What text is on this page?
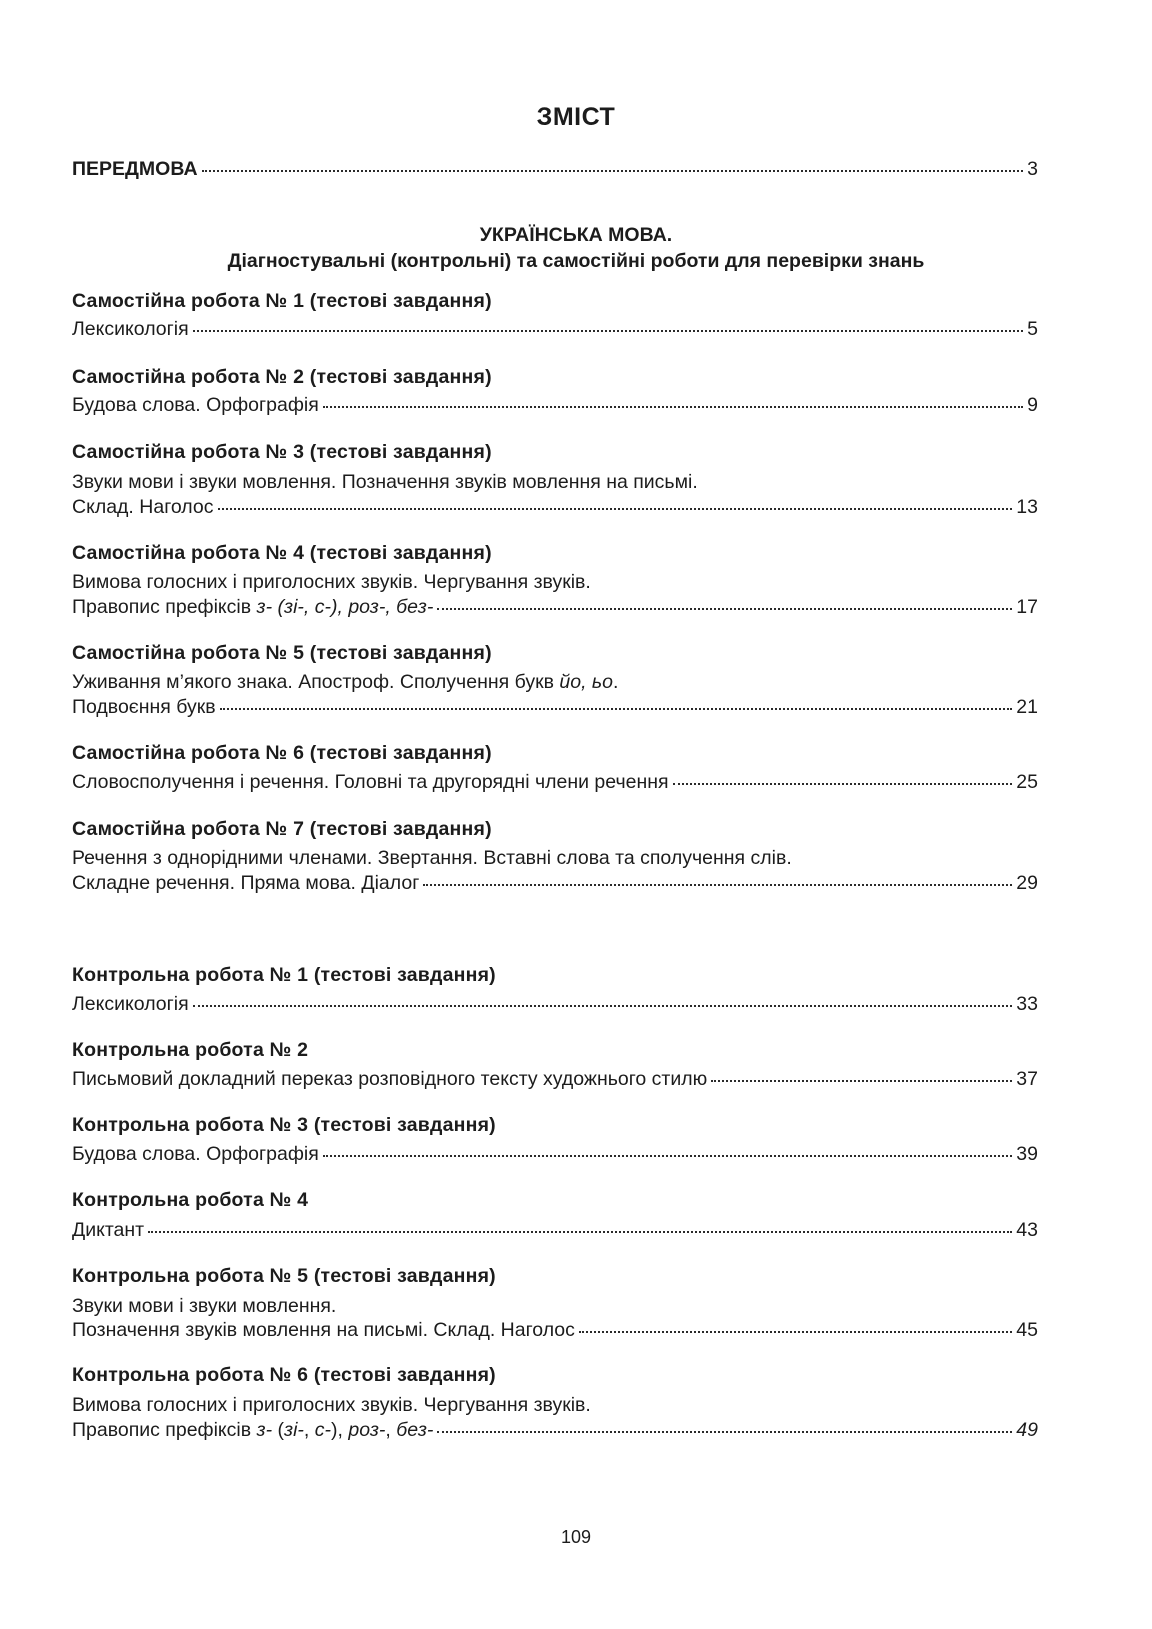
ЗМІСТ
ПЕРЕДМОВА	3
УКРАЇНСЬКА МОВА.
Діагностувальні (контрольні) та самостійні роботи для перевірки знань
Самостійна робота № 1 (тестові завдання)
Лексикологія	5
Самостійна робота № 2 (тестові завдання)
Будова слова. Орфографія	9
Самостійна робота № 3 (тестові завдання)
Звуки мови і звуки мовлення. Позначення звуків мовлення на письмі.
Склад. Наголос	13
Самостійна робота № 4 (тестові завдання)
Вимова голосних і приголосних звуків. Чергування звуків.
Правопис префіксів з- (зі-, с-), роз-, без-	17
Самостійна робота № 5 (тестові завдання)
Уживання м’якого знака. Апостроф. Сполучення букв йо, ьо.
Подвоєння букв	21
Самостійна робота № 6 (тестові завдання)
Словосполучення і речення. Головні та другорядні члени речення	25
Самостійна робота № 7 (тестові завдання)
Речення з однорідними членами. Звертання. Вставні слова та сполучення слів.
Складне речення. Пряма мова. Діалог	29
Контрольна робота № 1 (тестові завдання)
Лексикологія	33
Контрольна робота № 2
Письмовий докладний переказ розповідного тексту художнього стилю	37
Контрольна робота № 3 (тестові завдання)
Будова слова. Орфографія	39
Контрольна робота № 4
Диктант	43
Контрольна робота № 5 (тестові завдання)
Звуки мови і звуки мовлення.
Позначення звуків мовлення на письмі. Склад. Наголос	45
Контрольна робота № 6 (тестові завдання)
Вимова голосних і приголосних звуків. Чергування звуків.
Правопис префіксів з- (зі-, с-), роз-, без-	49
109
